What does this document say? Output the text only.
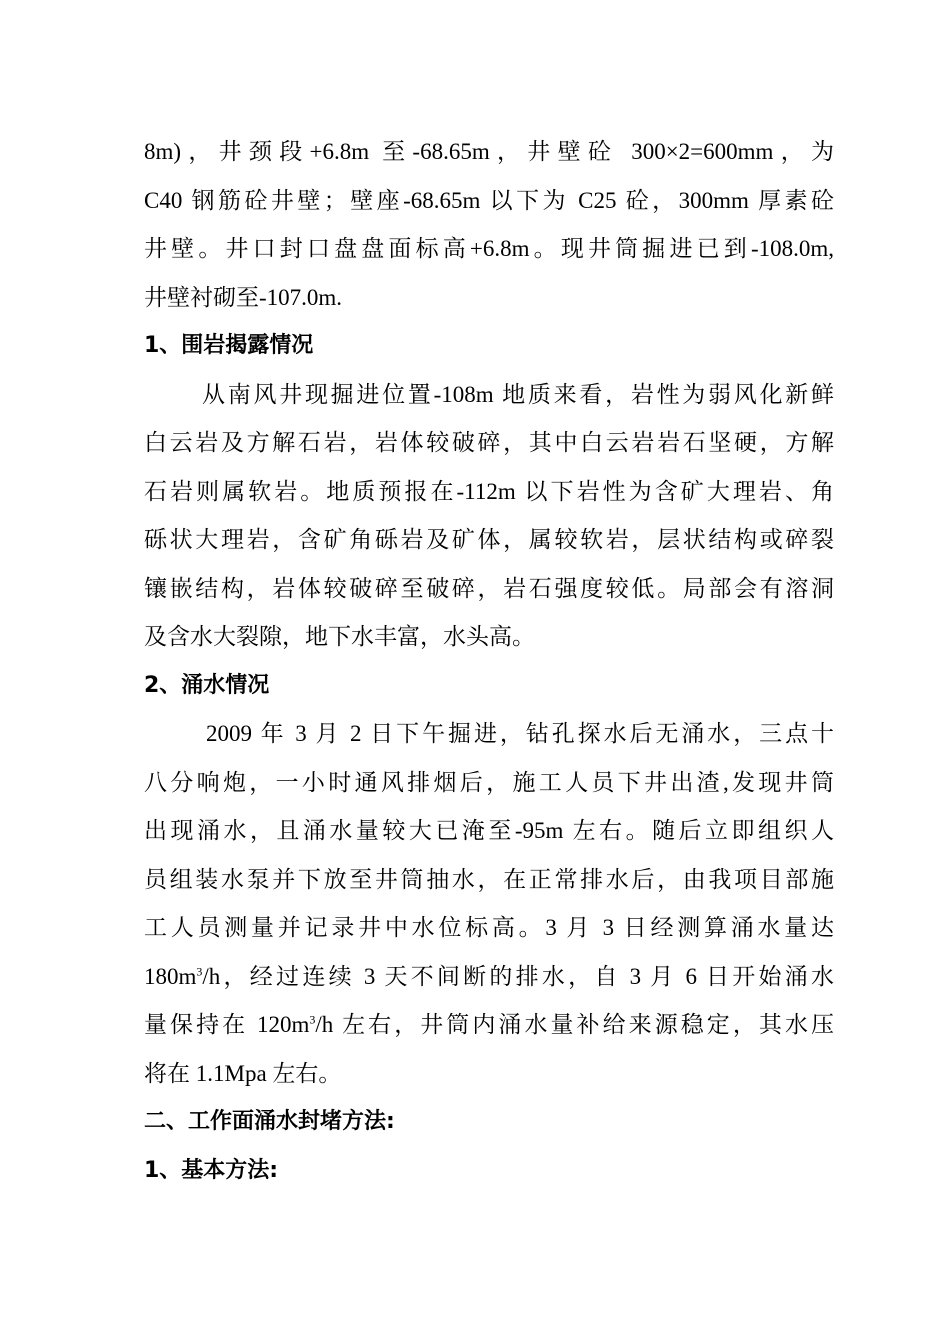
8m)，井颈段+6.8m 至-68.65m，井壁砼 300×2=600mm，为
C40 钢筋砼井壁；壁座-68.65m 以下为 C25 砼，300mm 厚素砼
井壁。井口封口盘盘面标高+6.8m。现井筒掘进已到-108.0m,
井壁衬砌至-107.0m.
1、围岩揭露情况
从南风井现掘进位置-108m 地质来看，岩性为弱风化新鲜
白云岩及方解石岩，岩体较破碎，其中白云岩岩石坚硬，方解
石岩则属软岩。地质预报在-112m 以下岩性为含矿大理岩、角
砾状大理岩，含矿角砾岩及矿体，属较软岩，层状结构或碎裂
镶嵌结构，岩体较破碎至破碎，岩石强度较低。局部会有溶洞
及含水大裂隙，地下水丰富，水头高。
2、涌水情况
2009 年 3 月 2 日下午掘进，钻孔探水后无涌水，三点十
八分响炮，一小时通风排烟后，施工人员下井出渣,发现井筒
出现涌水，且涌水量较大已淹至-95m 左右。随后立即组织人
员组装水泵并下放至井筒抽水，在正常排水后，由我项目部施
工人员测量并记录井中水位标高。3 月 3 日经测算涌水量达
$180m^3/h$，经过连续 3 天不间断的排水，自 3 月 6 日开始涌水
量保持在 $120m^3/h$ 左右，井筒内涌水量补给来源稳定，其水压
将在 1.1Mpa 左右。
二、工作面涌水封堵方法:
1、基本方法:
